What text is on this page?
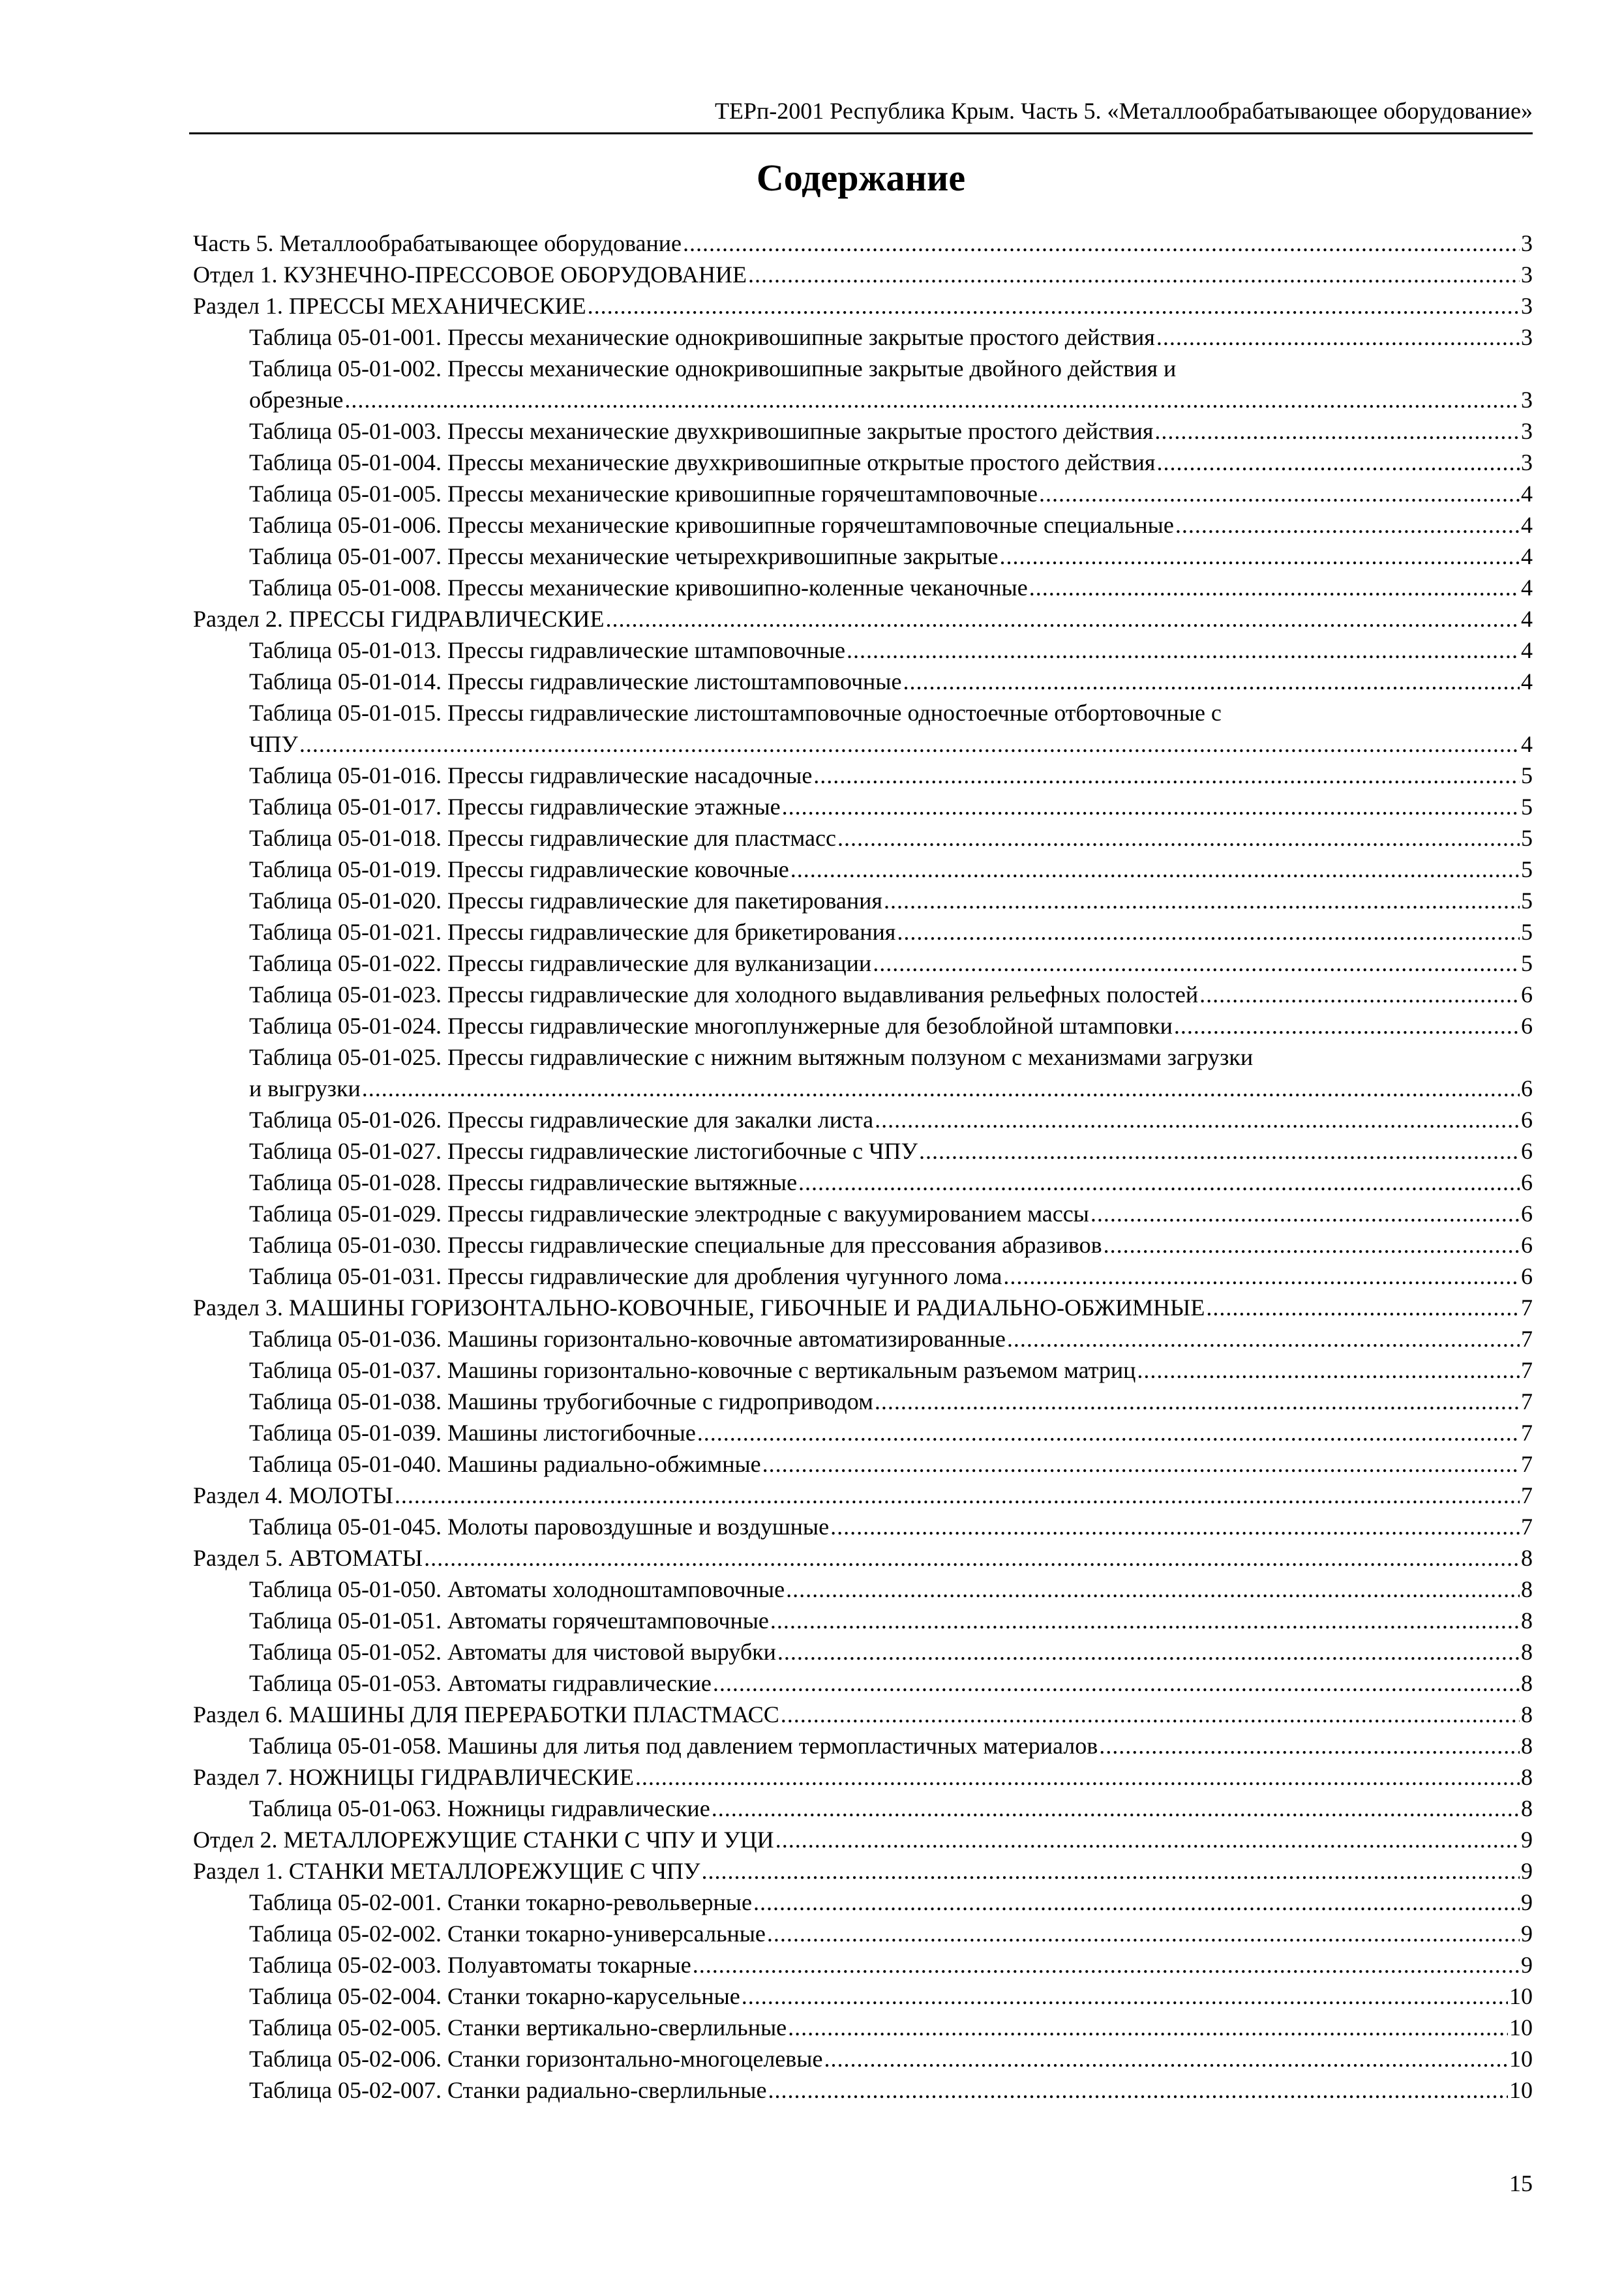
ТЕРп-2001 Республика Крым. Часть 5. «Металлообрабатывающее оборудование»
Содержание
Часть 5. Металлообрабатывающее оборудование .....	3
Отдел 1. КУЗНЕЧНО-ПРЕССОВОЕ ОБОРУДОВАНИЕ .....	3
Раздел 1. ПРЕССЫ МЕХАНИЧЕСКИЕ .....	3
Таблица 05-01-001. Прессы механические однокривошипные закрытые простого действия .....	3
Таблица 05-01-002. Прессы механические однокривошипные закрытые двойного действия и
обрезные .....	3
Таблица 05-01-003. Прессы механические двухкривошипные закрытые простого действия .....	3
Таблица 05-01-004. Прессы механические двухкривошипные открытые простого действия .....	3
Таблица 05-01-005. Прессы механические кривошипные горячештамповочные .....	4
Таблица 05-01-006. Прессы механические кривошипные горячештамповочные специальные .....	4
Таблица 05-01-007. Прессы механические четырехкривошипные закрытые .....	4
Таблица 05-01-008. Прессы механические кривошипно-коленные чеканочные .....	4
Раздел 2. ПРЕССЫ ГИДРАВЛИЧЕСКИЕ .....	4
Таблица 05-01-013. Прессы гидравлические штамповочные .....	4
Таблица 05-01-014. Прессы гидравлические листоштамповочные .....	4
Таблица 05-01-015. Прессы гидравлические листоштамповочные одностоечные отбортовочные с
ЧПУ .....	4
Таблица 05-01-016. Прессы гидравлические насадочные .....	5
Таблица 05-01-017. Прессы гидравлические этажные .....	5
Таблица 05-01-018. Прессы гидравлические для пластмасс .....	5
Таблица 05-01-019. Прессы гидравлические ковочные .....	5
Таблица 05-01-020. Прессы гидравлические для пакетирования .....	5
Таблица 05-01-021. Прессы гидравлические для брикетирования .....	5
Таблица 05-01-022. Прессы гидравлические для вулканизации .....	5
Таблица 05-01-023. Прессы гидравлические для холодного выдавливания рельефных полостей .....	6
Таблица 05-01-024. Прессы гидравлические многоплунжерные для безоблойной штамповки .....	6
Таблица 05-01-025. Прессы гидравлические с нижним вытяжным ползуном с механизмами загрузки
и выгрузки .....	6
Таблица 05-01-026. Прессы гидравлические для закалки листа .....	6
Таблица 05-01-027. Прессы гидравлические листогибочные с ЧПУ .....	6
Таблица 05-01-028. Прессы гидравлические вытяжные .....	6
Таблица 05-01-029. Прессы гидравлические электродные с вакуумированием массы .....	6
Таблица 05-01-030. Прессы гидравлические специальные для прессования абразивов .....	6
Таблица 05-01-031. Прессы гидравлические для дробления чугунного лома .....	6
Раздел 3. МАШИНЫ ГОРИЗОНТАЛЬНО-КОВОЧНЫЕ, ГИБОЧНЫЕ И РАДИАЛЬНО-ОБЖИМНЫЕ .....	7
Таблица 05-01-036. Машины горизонтально-ковочные автоматизированные .....	7
Таблица 05-01-037. Машины горизонтально-ковочные с вертикальным разъемом матриц .....	7
Таблица 05-01-038. Машины трубогибочные с гидроприводом .....	7
Таблица 05-01-039. Машины листогибочные .....	7
Таблица 05-01-040. Машины радиально-обжимные .....	7
Раздел 4. МОЛОТЫ .....	7
Таблица 05-01-045. Молоты паровоздушные и воздушные .....	7
Раздел 5. АВТОМАТЫ .....	8
Таблица 05-01-050. Автоматы холодноштамповочные .....	8
Таблица 05-01-051. Автоматы горячештамповочные .....	8
Таблица 05-01-052. Автоматы для чистовой вырубки .....	8
Таблица 05-01-053. Автоматы гидравлические .....	8
Раздел 6. МАШИНЫ ДЛЯ ПЕРЕРАБОТКИ ПЛАСТМАСС .....	8
Таблица 05-01-058. Машины для литья под давлением термопластичных материалов .....	8
Раздел 7. НОЖНИЦЫ ГИДРАВЛИЧЕСКИЕ .....	8
Таблица 05-01-063. Ножницы гидравлические .....	8
Отдел 2. МЕТАЛЛОРЕЖУЩИЕ СТАНКИ С ЧПУ И УЦИ .....	9
Раздел 1. СТАНКИ МЕТАЛЛОРЕЖУЩИЕ С ЧПУ .....	9
Таблица 05-02-001. Станки токарно-револьверные .....	9
Таблица 05-02-002. Станки токарно-универсальные .....	9
Таблица 05-02-003. Полуавтоматы токарные .....	9
Таблица 05-02-004. Станки токарно-карусельные .....	10
Таблица 05-02-005. Станки вертикально-сверлильные .....	10
Таблица 05-02-006. Станки горизонтально-многоцелевые .....	10
Таблица 05-02-007. Станки радиально-сверлильные .....	10
15
